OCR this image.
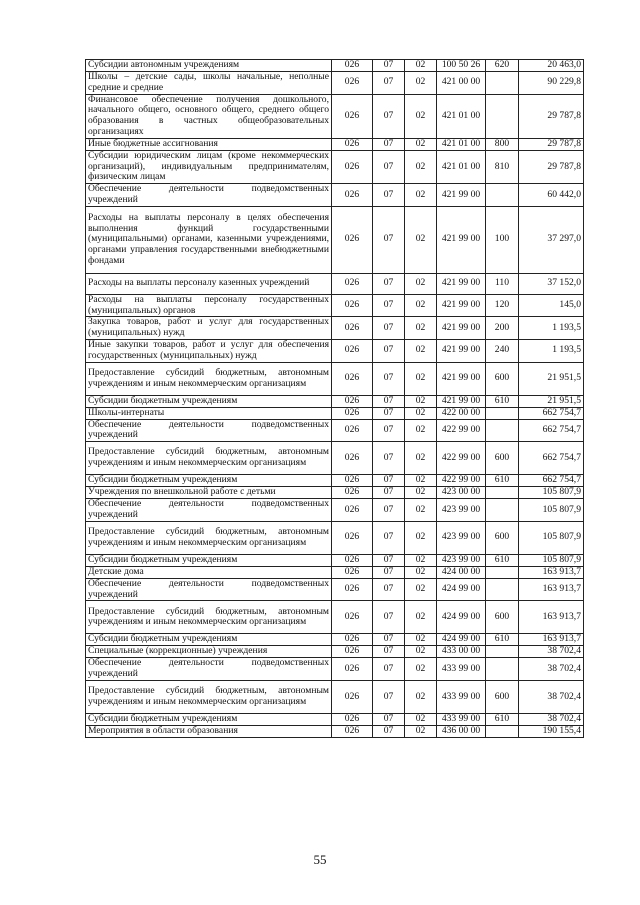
Субсидии автономным учреждениям	026	07	02	100 50 26	620	20 463,0
Школы – детские сады, школы начальные, неполные средние и средние	026	07	02	421 00 00		90 229,8
Финансовое обеспечение получения дошкольного, начального общего, основного общего, среднего общего образования в частных общеобразовательных организациях	026	07	02	421 01 00		29 787,8
Иные бюджетные ассигнования	026	07	02	421 01 00	800	29 787,8
Субсидии юридическим лицам (кроме некоммерческих организаций), индивидуальным предпринимателям, физическим лицам	026	07	02	421 01 00	810	29 787,8
Обеспечение деятельности подведомственных учреждений	026	07	02	421 99 00		60 442,0
Расходы на выплаты персоналу в целях обеспечения выполнения функций государственными (муниципальными) органами, казенными учреждениями, органами управления государственными внебюджетными фондами	026	07	02	421 99 00	100	37 297,0
Расходы на выплаты персоналу казенных учреждений	026	07	02	421 99 00	110	37 152,0
Расходы на выплаты персоналу государственных (муниципальных) органов	026	07	02	421 99 00	120	145,0
Закупка товаров, работ и услуг для государственных (муниципальных) нужд	026	07	02	421 99 00	200	1 193,5
Иные закупки товаров, работ и услуг для обеспечения государственных (муниципальных) нужд	026	07	02	421 99 00	240	1 193,5
Предоставление субсидий бюджетным, автономным учреждениям и иным некоммерческим организациям	026	07	02	421 99 00	600	21 951,5
Субсидии бюджетным учреждениям	026	07	02	421 99 00	610	21 951,5
Школы-интернаты	026	07	02	422 00 00		662 754,7
Обеспечение деятельности подведомственных учреждений	026	07	02	422 99 00		662 754,7
Предоставление субсидий бюджетным, автономным учреждениям и иным некоммерческим организациям	026	07	02	422 99 00	600	662 754,7
Субсидии бюджетным учреждениям	026	07	02	422 99 00	610	662 754,7
Учреждения по внешкольной работе с детьми	026	07	02	423 00 00		105 807,9
Обеспечение деятельности подведомственных учреждений	026	07	02	423 99 00		105 807,9
Предоставление субсидий бюджетным, автономным учреждениям и иным некоммерческим организациям	026	07	02	423 99 00	600	105 807,9
Субсидии бюджетным учреждениям	026	07	02	423 99 00	610	105 807,9
Детские дома	026	07	02	424 00 00		163 913,7
Обеспечение деятельности подведомственных учреждений	026	07	02	424 99 00		163 913,7
Предоставление субсидий бюджетным, автономным учреждениям и иным некоммерческим организациям	026	07	02	424 99 00	600	163 913,7
Субсидии бюджетным учреждениям	026	07	02	424 99 00	610	163 913,7
Специальные (коррекционные) учреждения	026	07	02	433 00 00		38 702,4
Обеспечение деятельности подведомственных учреждений	026	07	02	433 99 00		38 702,4
Предоставление субсидий бюджетным, автономным учреждениям и иным некоммерческим организациям	026	07	02	433 99 00	600	38 702,4
Субсидии бюджетным учреждениям	026	07	02	433 99 00	610	38 702,4
Мероприятия в области образования	026	07	02	436 00 00		190 155,4
55
